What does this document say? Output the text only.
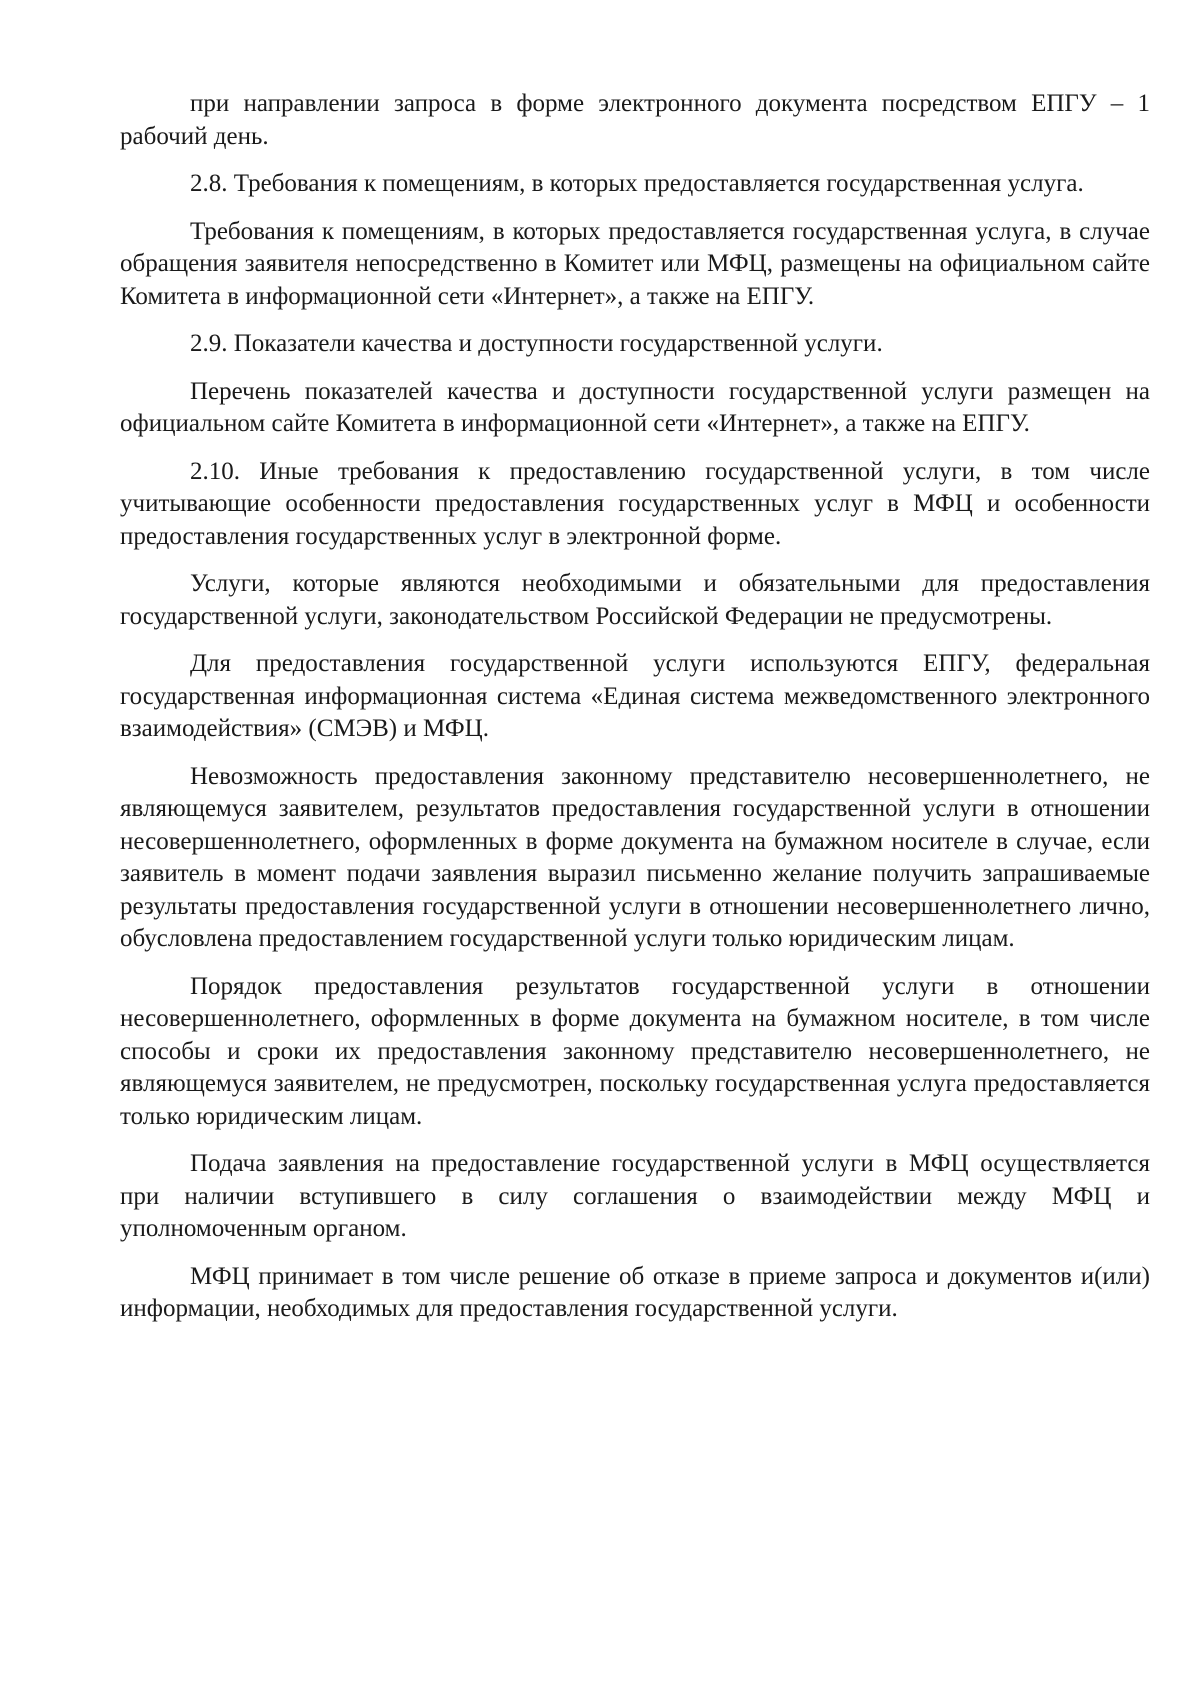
при направлении запроса в форме электронного документа посредством ЕПГУ – 1 рабочий день.

2.8. Требования к помещениям, в которых предоставляется государственная услуга.

Требования к помещениям, в которых предоставляется государственная услуга, в случае обращения заявителя непосредственно в Комитет или МФЦ, размещены на официальном сайте Комитета в информационной сети «Интернет», а также на ЕПГУ.

2.9. Показатели качества и доступности государственной услуги.

Перечень показателей качества и доступности государственной услуги размещен на официальном сайте Комитета в информационной сети «Интернет», а также на ЕПГУ.

2.10. Иные требования к предоставлению государственной услуги, в том числе учитывающие особенности предоставления государственных услуг в МФЦ и особенности предоставления государственных услуг в электронной форме.

Услуги, которые являются необходимыми и обязательными для предоставления государственной услуги, законодательством Российской Федерации не предусмотрены.

Для предоставления государственной услуги используются ЕПГУ, федеральная государственная информационная система «Единая система межведомственного электронного взаимодействия» (СМЭВ) и МФЦ.

Невозможность предоставления законному представителю несовершеннолетнего, не являющемуся заявителем, результатов предоставления государственной услуги в отношении несовершеннолетнего, оформленных в форме документа на бумажном носителе в случае, если заявитель в момент подачи заявления выразил письменно желание получить запрашиваемые результаты предоставления государственной услуги в отношении несовершеннолетнего лично, обусловлена предоставлением государственной услуги только юридическим лицам.

Порядок предоставления результатов государственной услуги в отношении несовершеннолетнего, оформленных в форме документа на бумажном носителе, в том числе способы и сроки их предоставления законному представителю несовершеннолетнего, не являющемуся заявителем, не предусмотрен, поскольку государственная услуга предоставляется только юридическим лицам.

Подача заявления на предоставление государственной услуги в МФЦ осуществляется при наличии вступившего в силу соглашения о взаимодействии между МФЦ и уполномоченным органом.

МФЦ принимает в том числе решение об отказе в приеме запроса и документов и(или) информации, необходимых для предоставления государственной услуги.
